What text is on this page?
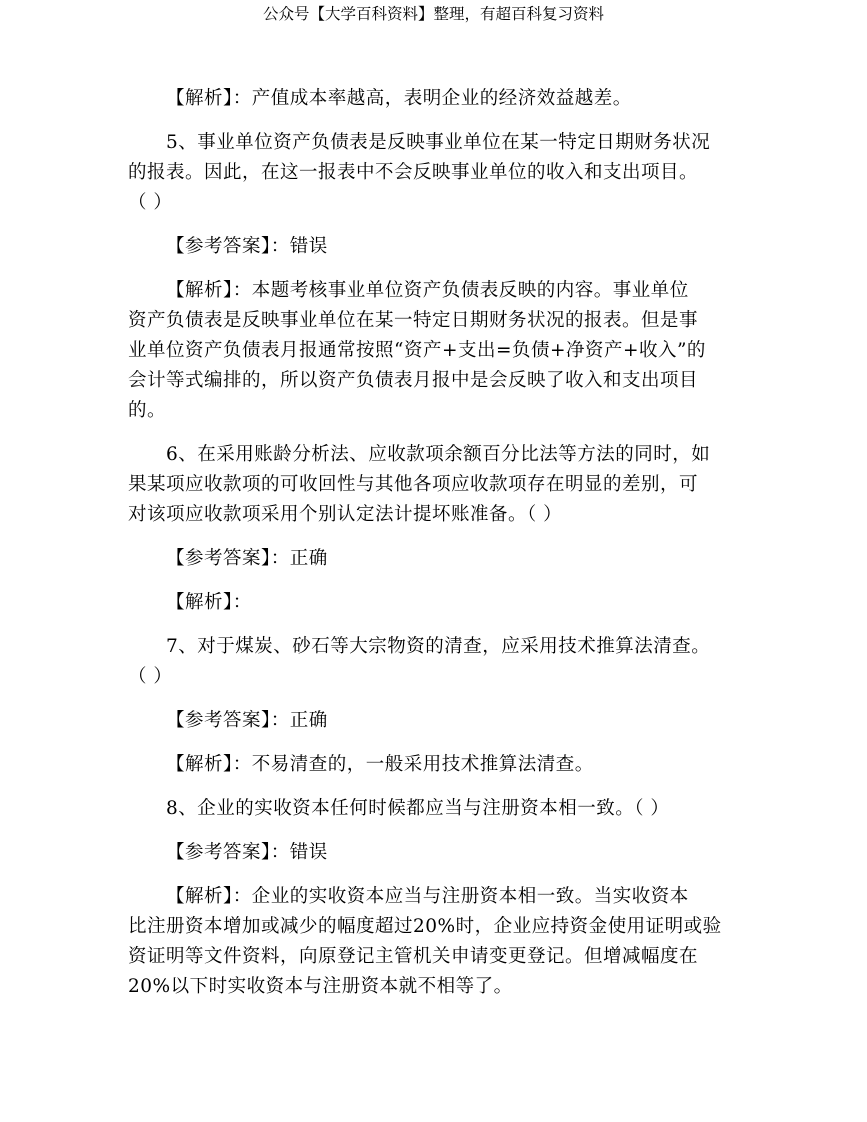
公众号【大学百科资料】整理，有超百科复习资料
【解析】：产值成本率越高，表明企业的经济效益越差。
5、事业单位资产负债表是反映事业单位在某一特定日期财务状况
的报表。因此，在这一报表中不会反映事业单位的收入和支出项目。
（ ）
【参考答案】：错误
【解析】：本题考核事业单位资产负债表反映的内容。事业单位
资产负债表是反映事业单位在某一特定日期财务状况的报表。但是事
业单位资产负债表月报通常按照“资产+支出=负债+净资产+收入”的
会计等式编排的，所以资产负债表月报中是会反映了收入和支出项目
的。
6、在采用账龄分析法、应收款项余额百分比法等方法的同时，如
果某项应收款项的可收回性与其他各项应收款项存在明显的差别，可
对该项应收款项采用个别认定法计提坏账准备。（ ）
【参考答案】：正确
【解析】：
7、对于煤炭、砂石等大宗物资的清查，应采用技术推算法清查。
（ ）
【参考答案】：正确
【解析】：不易清查的，一般采用技术推算法清查。
8、企业的实收资本任何时候都应当与注册资本相一致。（ ）
【参考答案】：错误
【解析】：企业的实收资本应当与注册资本相一致。当实收资本
比注册资本增加或减少的幅度超过20%时，企业应持资金使用证明或验
资证明等文件资料，向原登记主管机关申请变更登记。但增减幅度在
20%以下时实收资本与注册资本就不相等了。
